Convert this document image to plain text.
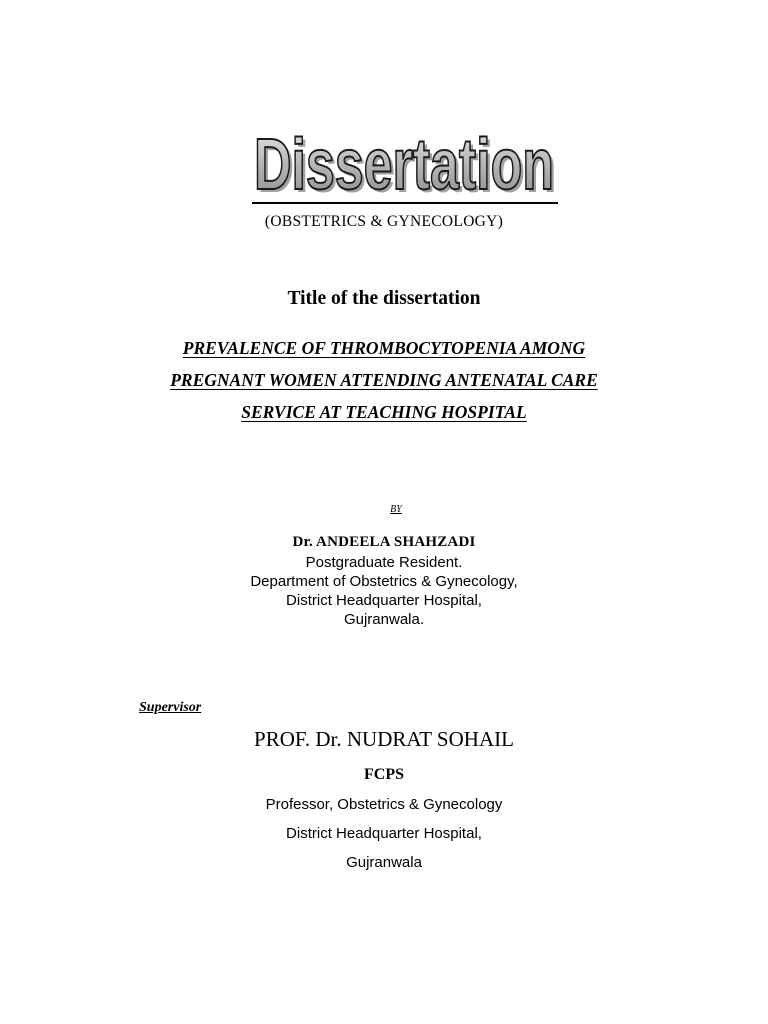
Dissertation
Dissertation
(OBSTETRICS & GYNECOLOGY)
Title of the dissertation
PREVALENCE OF THROMBOCYTOPENIA AMONG
PREGNANT WOMEN ATTENDING ANTENATAL CARE
SERVICE AT TEACHING HOSPITAL
BY
Dr. ANDEELA SHAHZADI
Postgraduate Resident.
Department of Obstetrics & Gynecology,
District Headquarter Hospital,
Gujranwala.
Supervisor
PROF. Dr. NUDRAT SOHAIL
FCPS
Professor, Obstetrics & Gynecology
District Headquarter Hospital,
Gujranwala
